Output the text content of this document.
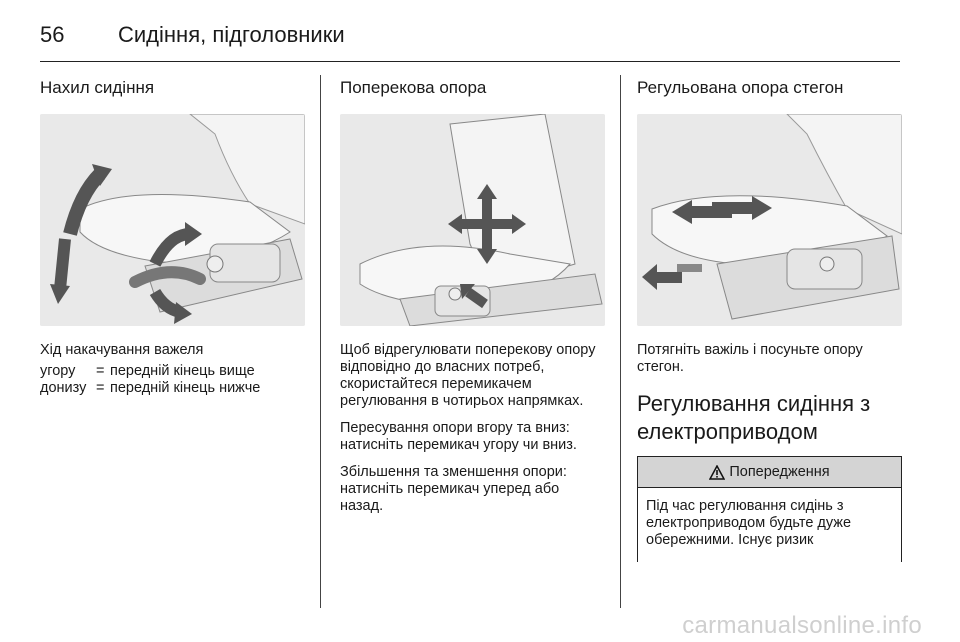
56 Сидіння, підголовники
Нахил сидіння
Хід накачування важеля
угору	= передній кінець вище
донизу = передній кінець нижче
Поперекова опора

Щоб відрегулювати поперекову опору відповідно до власних потреб, скористайтеся перемикачем регулювання в чотирьох напрямках.

Пересування опори вгору та вниз: натисніть перемикач угору чи вниз.

Збільшення та зменшення опори: натисніть перемикач уперед або назад.

Регульована опора стегон

Потягніть важіль і посуньте опору стегон.

Регулювання сидіння з електроприводом
Попередження
Під час регулювання сидінь з електроприводом будьте дуже обережними. Існує ризик
carmanualsonline.info
